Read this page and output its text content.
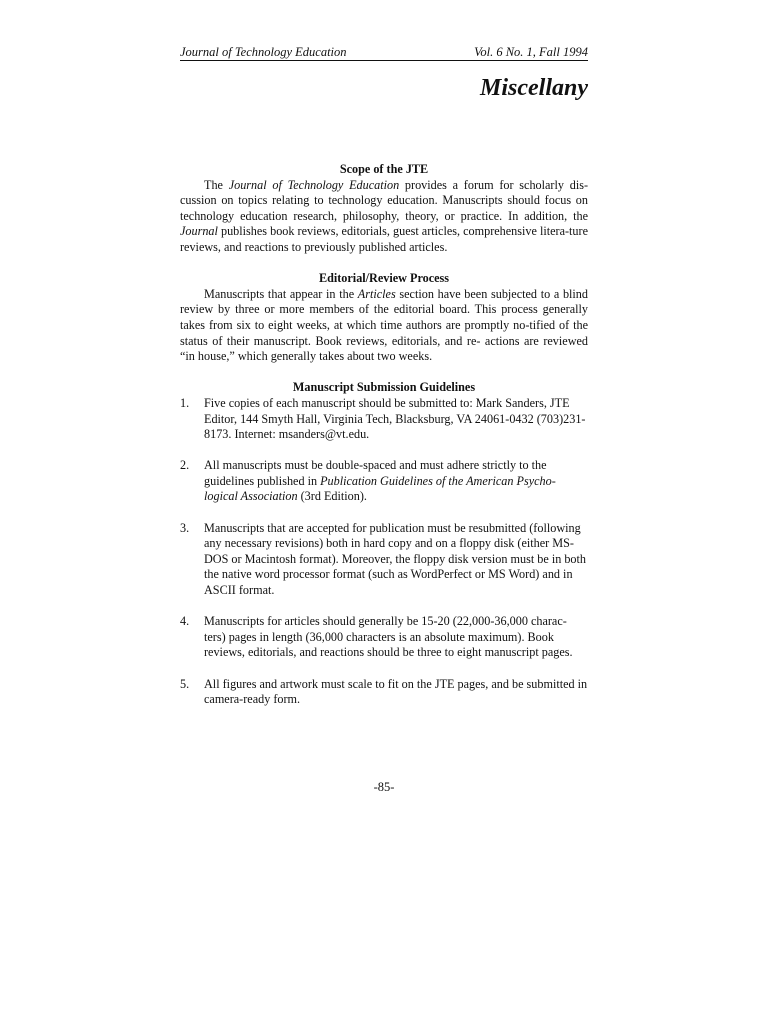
Journal of Technology Education	Vol. 6 No. 1, Fall 1994
Miscellany

Scope of the JTE

The Journal of Technology Education provides a forum for scholarly dis-cussion on topics relating to technology education. Manuscripts should focus on technology education research, philosophy, theory, or practice. In addition, the Journal publishes book reviews, editorials, guest articles, comprehensive litera-ture reviews, and reactions to previously published articles.

Editorial/Review Process

Manuscripts that appear in the Articles section have been subjected to a blind review by three or more members of the editorial board. This process generally takes from six to eight weeks, at which time authors are promptly no-tified of the status of their manuscript. Book reviews, editorials, and re- actions are reviewed “in house,” which generally takes about two weeks.

Manuscript Submission Guidelines

1. Five copies of each manuscript should be submitted to: Mark Sanders, JTE Editor, 144 Smyth Hall, Virginia Tech, Blacksburg, VA 24061-0432 (703)231-8173. Internet: msanders@vt.edu.
2. All manuscripts must be double-spaced and must adhere strictly to the guidelines published in Publication Guidelines of the American Psycho-logical Association (3rd Edition).
3. Manuscripts that are accepted for publication must be resubmitted (following any necessary revisions) both in hard copy and on a floppy disk (either MS-DOS or Macintosh format). Moreover, the floppy disk version must be in both the native word processor format (such as WordPerfect or MS Word) and in ASCII format.
4. Manuscripts for articles should generally be 15-20 (22,000-36,000 charac-ters) pages in length (36,000 characters is an absolute maximum). Book reviews, editorials, and reactions should be three to eight manuscript pages.
5. All figures and artwork must scale to fit on the JTE pages, and be submitted in camera-ready form.
-85-
